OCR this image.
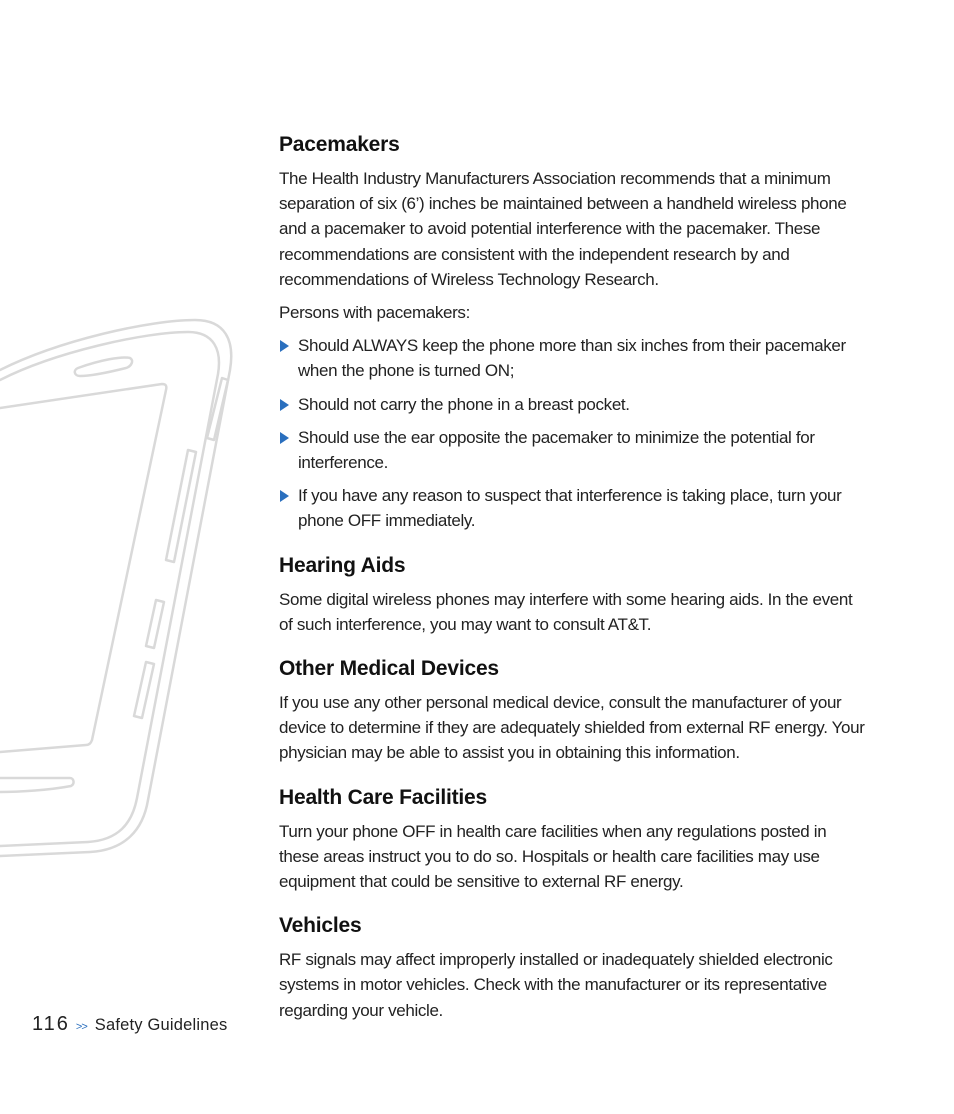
Pacemakers

The Health Industry Manufacturers Association recommends that a minimum separation of six (6’) inches be maintained between a handheld wireless phone and a pacemaker to avoid potential interference with the pacemaker. These recommendations are consistent with the independent research by and recommendations of Wireless Technology Research.

Persons with pacemakers:

Should ALWAYS keep the phone more than six inches from their pacemaker when the phone is turned ON;
Should not carry the phone in a breast pocket.
Should use the ear opposite the pacemaker to minimize the potential for interference.
If you have any reason to suspect that interference is taking place, turn your phone OFF immediately.
Hearing Aids

Some digital wireless phones may interfere with some hearing aids. In the event of such interference, you may want to consult AT&T.

Other Medical Devices

If you use any other personal medical device, consult the manufacturer of your device to determine if they are adequately shielded from external RF energy. Your physician may be able to assist you in obtaining this information.

Health Care Facilities

Turn your phone OFF in health care facilities when any regulations posted in these areas instruct you to do so. Hospitals or health care facilities may use equipment that could be sensitive to external RF energy.

Vehicles

RF signals may affect improperly installed or inadequately shielded electronic systems in motor vehicles. Check with the manufacturer or its representative regarding your vehicle.

116 >> Safety Guidelines
